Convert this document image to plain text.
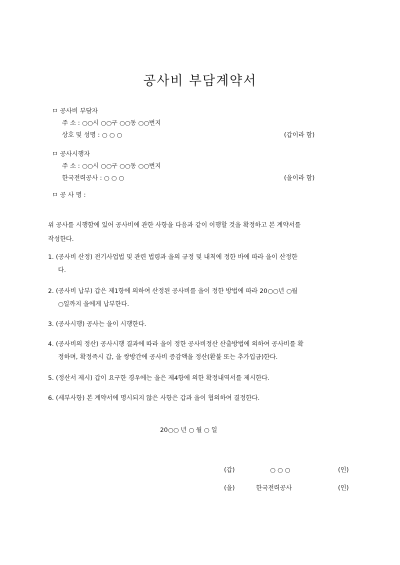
공사비 부담계약서
ㅁ 공사비 부담자
주 소 : ○○시 ○○구 ○○동 ○○번지
상호 및 성명 : ○ ○ ○	(갑이라 함)
ㅁ 공사시행자
주 소 : ○○시 ○○구 ○○동 ○○번지
한국전력공사 : ○ ○ ○	(을이라 함)
ㅁ 공 사 명 :
위 공사를 시행함에 있어 공사비에 관한 사항을 다음과 같이 이행할 것을 확정하고 본 계약서를
작성한다.
1. (공사비 산정) 전기사업법 및 관련 법령과 을의 규정 및 내칙에 정한 바에 따라 을이 산정한
다.
2. (공사비 납부) 갑은 제1항에 의하여 산정된 공사비를 을이 정한 방법에 따라 20○○년 ○월
○일까지 을에게 납부한다.
3. (공사시행) 공사는 을이 시행한다.
4. (공사비의 정산) 공사시행 결과에 따라 을이 정한 공사비정산 산출방법에 의하여 공사비를 확
정하며, 확정즉시 갑, 을 쌍방간에 공사비 증감액을 정산(환불 또는 추가입금)한다.
5. (정산서 제시) 갑이 요구한 경우에는 을은 제4항에 의한 확정내역서를 제시한다.
6. (세부사항) 본 계약서에 명시되지 않은 사항은 갑과 을이 협의하여 결정한다.
20○○ 년 ○ 월 ○ 일
(갑)	○ ○ ○	(인)
(을)	한국전력공사	(인)
